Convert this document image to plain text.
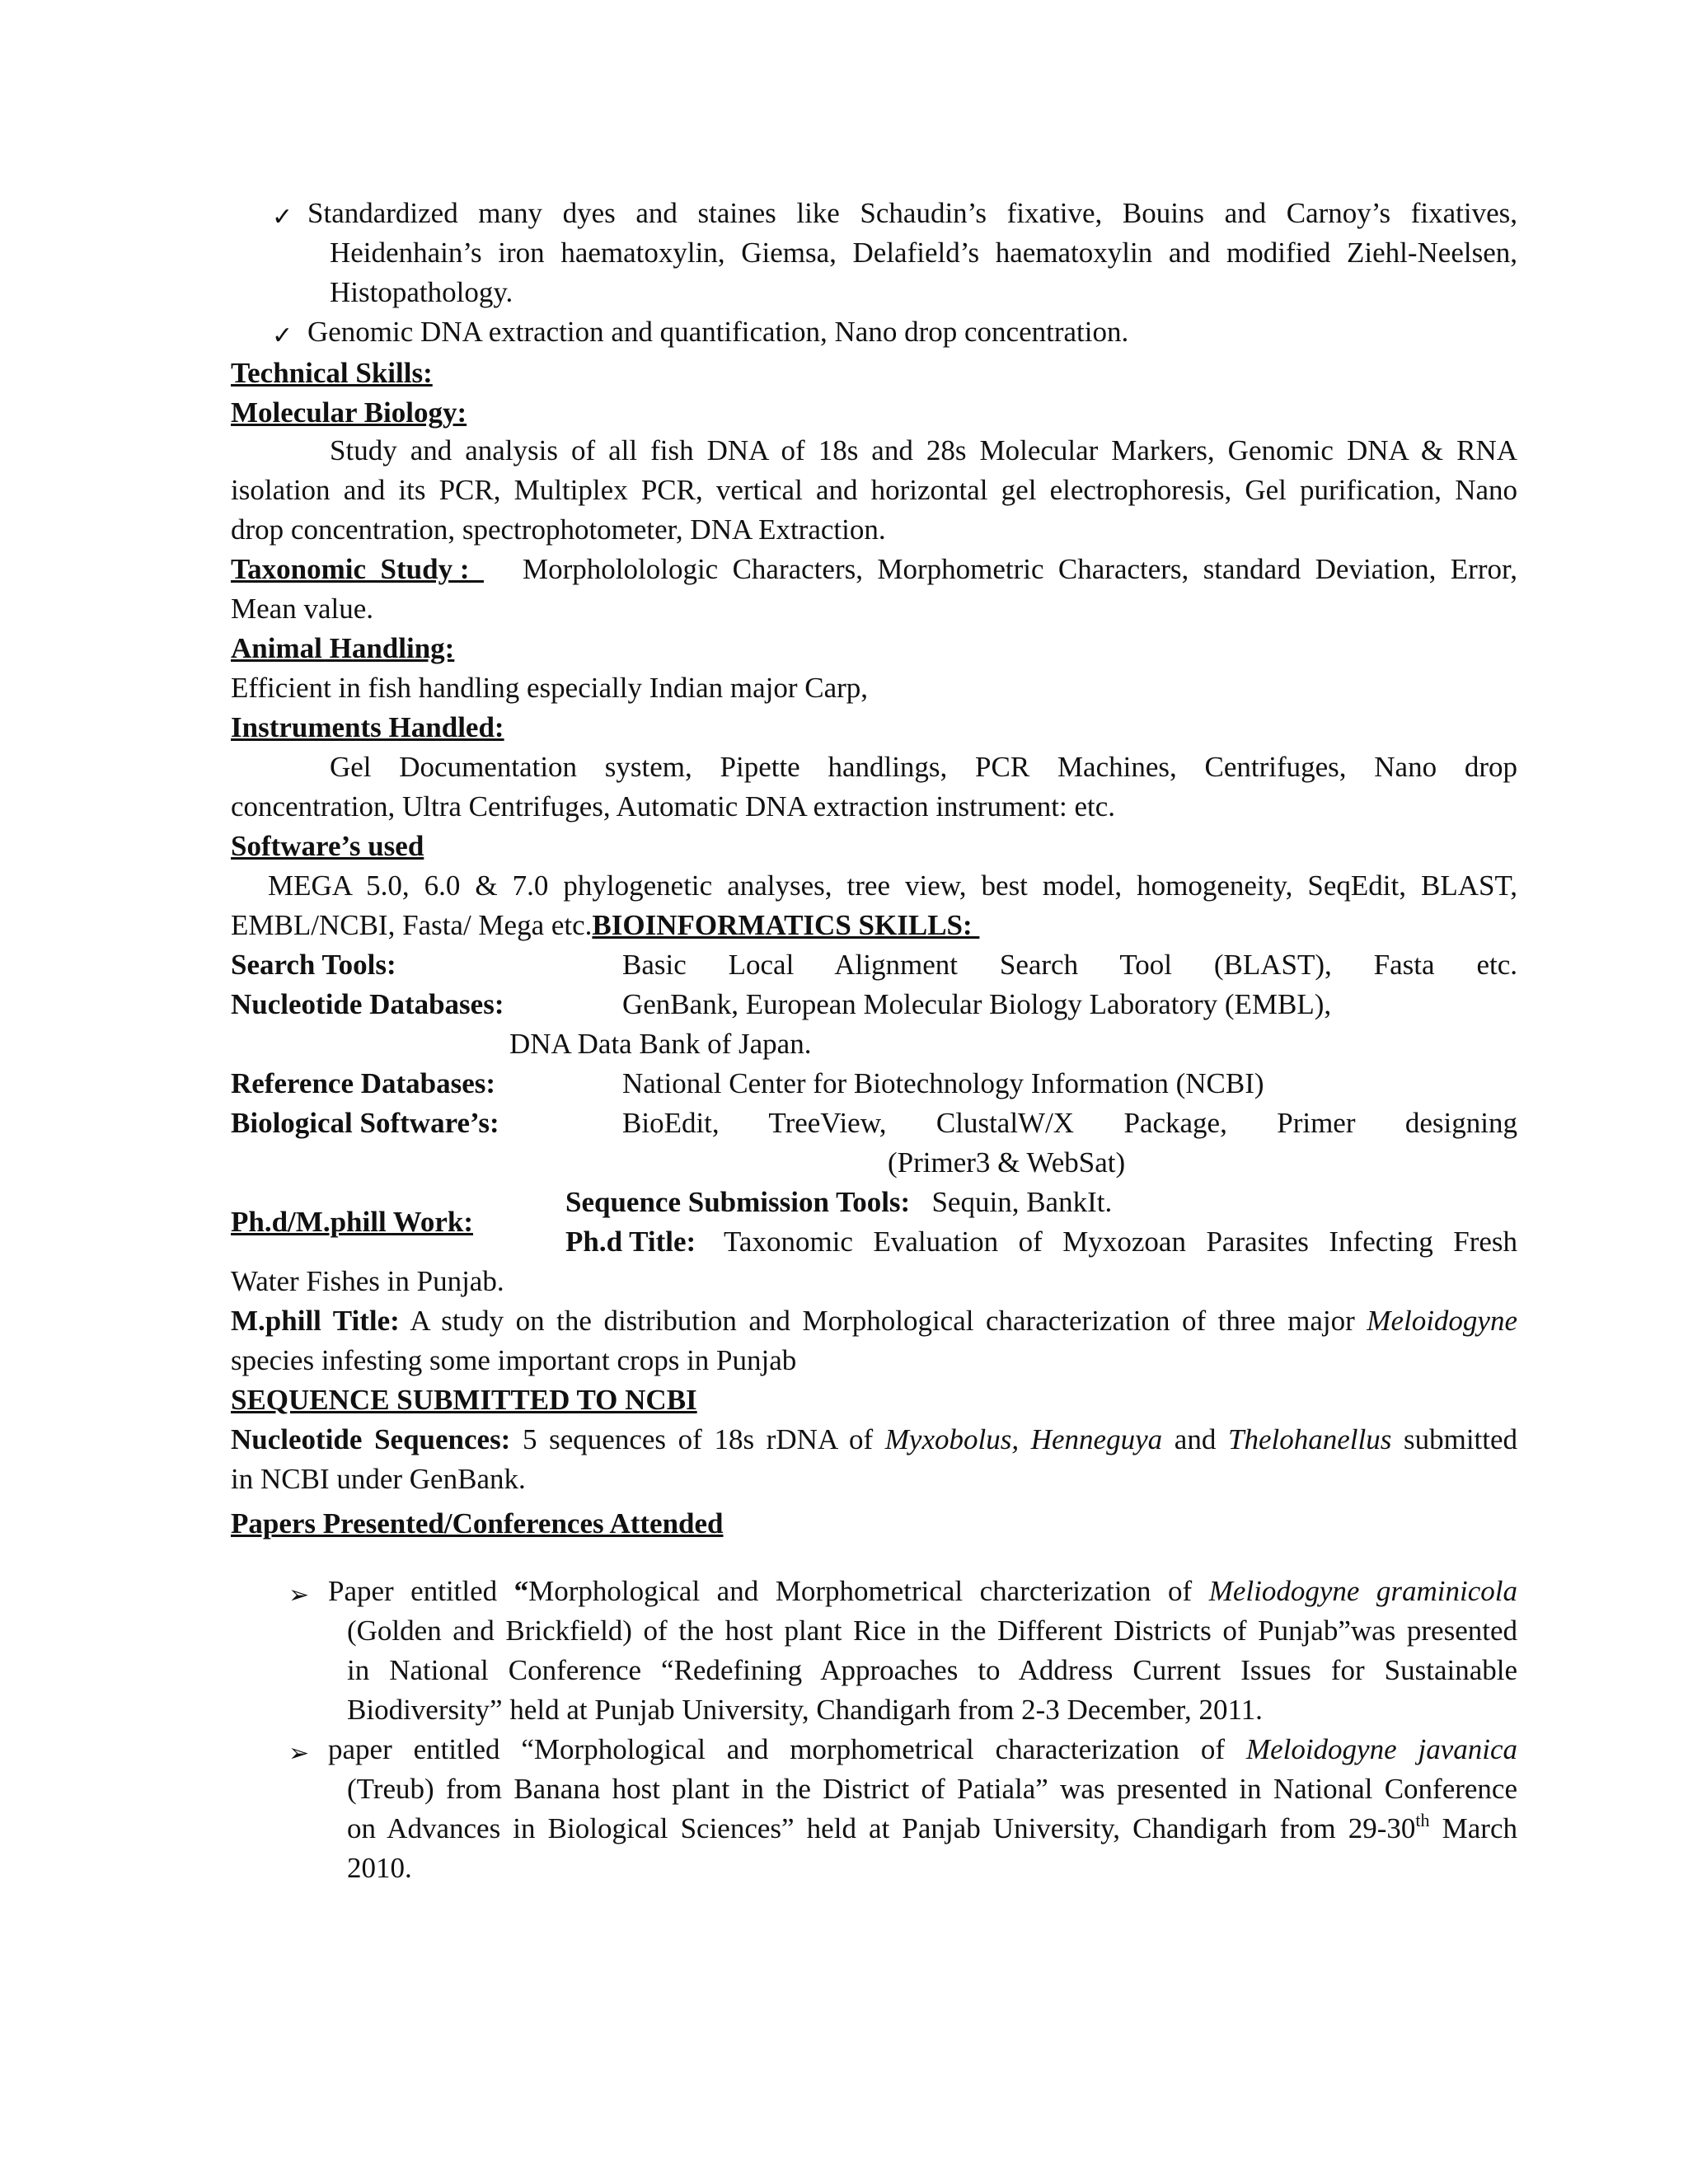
✓ Standardized many dyes and staines like Schaudin’s fixative, Bouins and Carnoy’s fixatives,
Heidenhain’s iron haematoxylin, Giemsa, Delafield’s haematoxylin and modified Ziehl-Neelsen,
Histopathology.
✓ Genomic DNA extraction and quantification, Nano drop concentration.
Technical Skills:
Molecular Biology:
Study and analysis of all fish DNA of 18s and 28s Molecular Markers, Genomic DNA & RNA
isolation and its PCR, Multiplex PCR, vertical and horizontal gel electrophoresis, Gel purification, Nano
drop concentration, spectrophotometer, DNA Extraction.
Taxonomic  Study : Morphololologic Characters, Morphometric Characters, standard Deviation, Error,
Mean value.
Animal Handling:
Efficient in fish handling especially Indian major Carp,
Instruments Handled:
Gel Documentation system, Pipette handlings, PCR Machines, Centrifuges, Nano drop
concentration, Ultra Centrifuges, Automatic DNA extraction instrument: etc.
Software’s used
MEGA 5.0, 6.0 & 7.0 phylogenetic analyses, tree view, best model, homogeneity, SeqEdit, BLAST,
EMBL/NCBI, Fasta/ Mega etc.BIOINFORMATICS SKILLS:
Search Tools:	Basic Local Alignment Search Tool (BLAST), Fasta etc.
Nucleotide Databases:	GenBank, European Molecular Biology Laboratory (EMBL),
DNA Data Bank of Japan.
Reference Databases:	National Center for Biotechnology Information (NCBI)
Biological Software’s:	BioEdit, TreeView, ClustalW/X Package, Primer designing
(Primer3 & WebSat)
Sequence Submission Tools: Sequin, BankIt.
Ph.d/M.phill Work:
Ph.d Title: Taxonomic Evaluation of Myxozoan Parasites Infecting Fresh
Water Fishes in Punjab.
M.phill Title: A study on the distribution and Morphological characterization of three major Meloidogyne
species infesting some important crops in Punjab
SEQUENCE SUBMITTED TO NCBI
Nucleotide Sequences: 5 sequences of 18s rDNA of Myxobolus, Henneguya and Thelohanellus submitted
in NCBI under GenBank.
Papers Presented/Conferences Attended
➢ Paper entitled “Morphological and Morphometrical charcterization of Meliodogyne graminicola
(Golden and Brickfield) of the host plant Rice in the Different Districts of Punjab”was presented
in National Conference “Redefining Approaches to Address Current Issues for Sustainable
Biodiversity” held at Punjab University, Chandigarh from 2-3 December, 2011.
➢ paper entitled “Morphological and morphometrical characterization of Meloidogyne javanica
(Treub) from Banana host plant in the District of Patiala” was presented in National Conference
on Advances in Biological Sciences” held at Panjab University, Chandigarh from 29-30th March
2010.
